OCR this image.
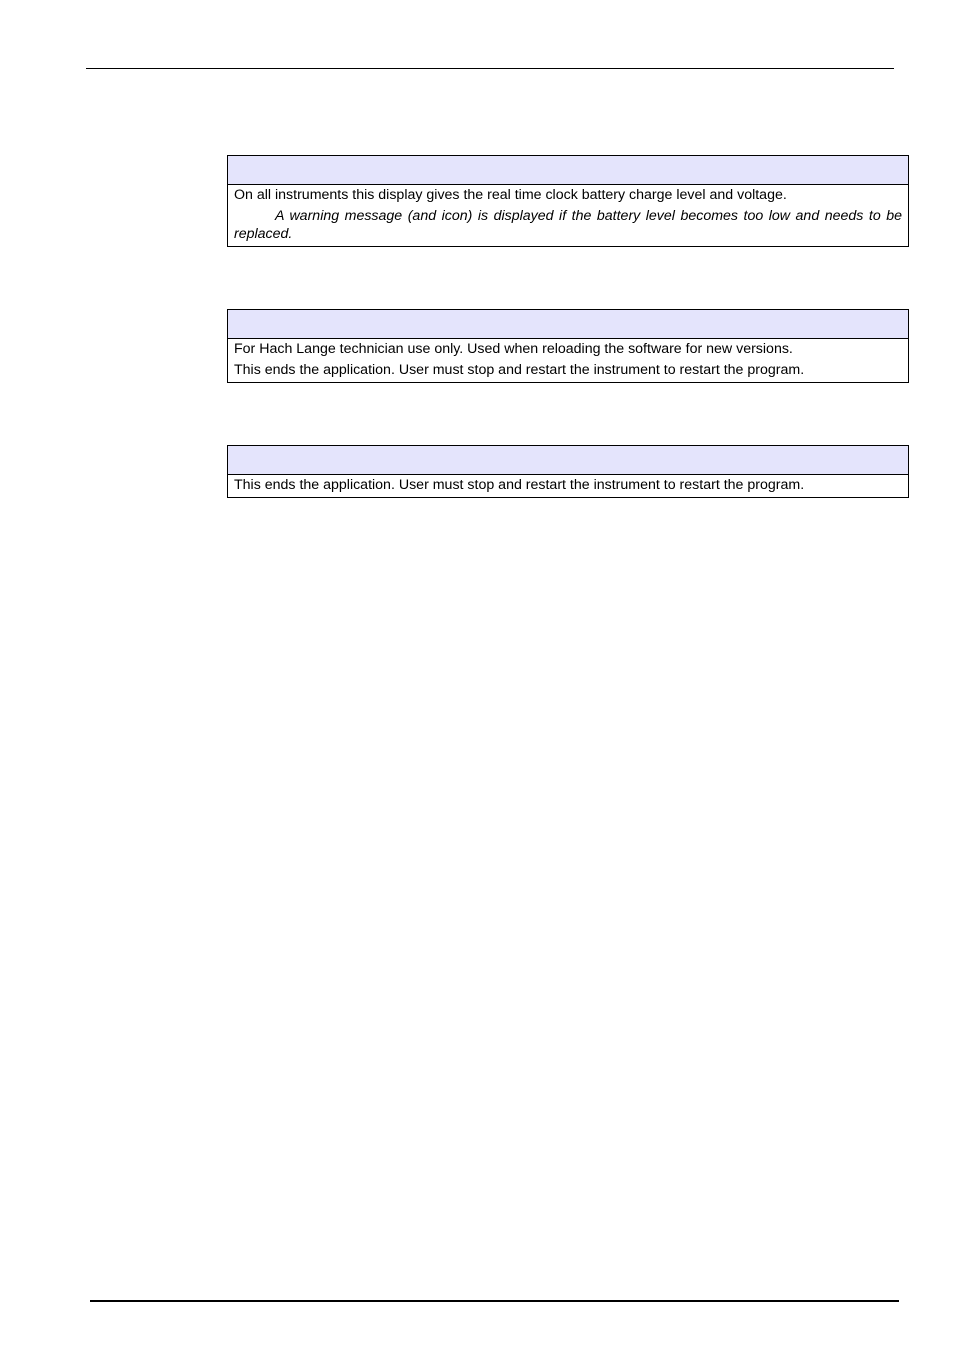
On all instruments this display gives the real time clock battery charge level and voltage.

A warning message (and icon) is displayed if the battery level becomes too low and needs to be replaced.

For Hach Lange technician use only. Used when reloading the software for new versions.

This ends the application. User must stop and restart the instrument to restart the program.

This ends the application. User must stop and restart the instrument to restart the program.
